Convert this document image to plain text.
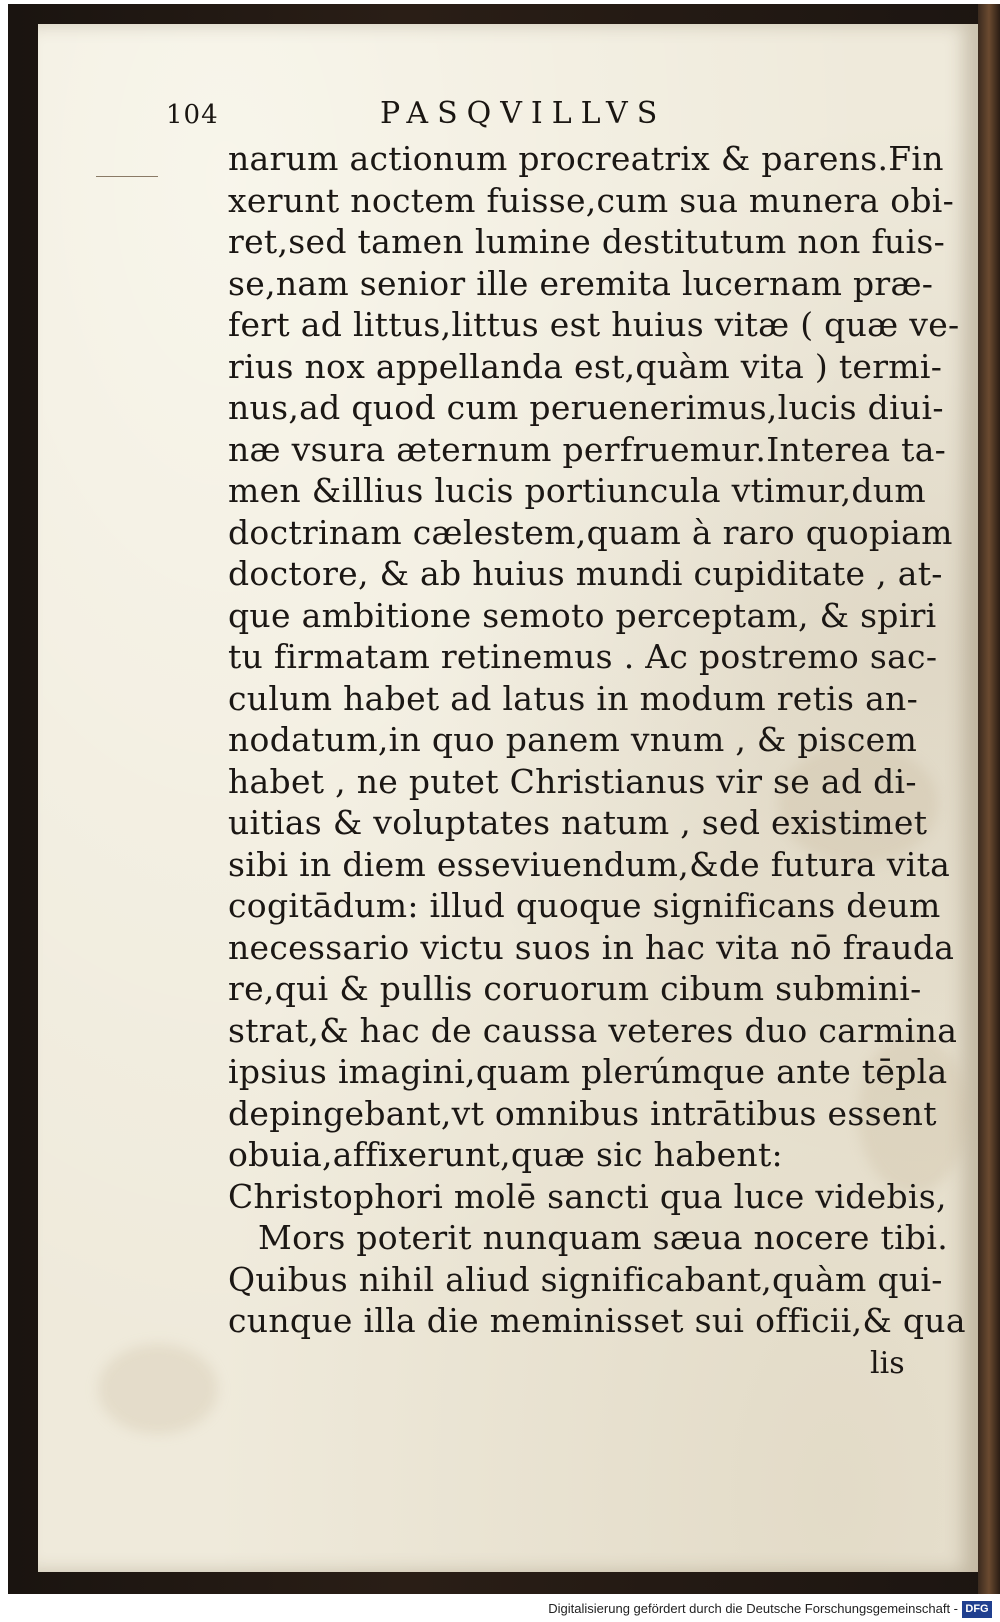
104	PASQVILLVS
narum actionum procreatrix & parens.Fin
xerunt noctem fuisse,cum sua munera obi-
ret,sed tamen lumine destitutum non fuis-
se,nam senior ille eremita lucernam præ-
fert ad littus,littus est huius vitæ ( quæ ve-
rius nox appellanda est,quàm vita ) termi-
nus,ad quod cum peruenerimus,lucis diui-
næ vsura æternum perfruemur.Interea ta-
men &illius lucis portiuncula vtimur,dum
doctrinam cælestem,quam à raro quopiam
doctore, & ab huius mundi cupiditate , at-
que ambitione semoto perceptam, & spiri
tu firmatam retinemus . Ac postremo sac-
culum habet ad latus in modum retis an-
nodatum,in quo panem vnum , & piscem
habet , ne putet Christianus vir se ad di-
uitias & voluptates natum , sed existimet
sibi in diem esseviuendum,&de futura vita
cogitādum: illud quoque significans deum
necessario victu suos in hac vita nō frauda
re,qui & pullis coruorum cibum submini-
strat,& hac de caussa veteres duo carmina
ipsius imagini,quam plerúmque ante tēpla
depingebant,vt omnibus intrātibus essent
obuia,affixerunt,quæ sic habent:
Christophori molē sancti qua luce videbis,
Mors poterit nunquam sæua nocere tibi.
Quibus nihil aliud significabant,quàm qui-
cunque illa die meminisset sui officii,& qua
lis
Digitalisierung gefördert durch die Deutsche Forschungsgemeinschaft - DFG
